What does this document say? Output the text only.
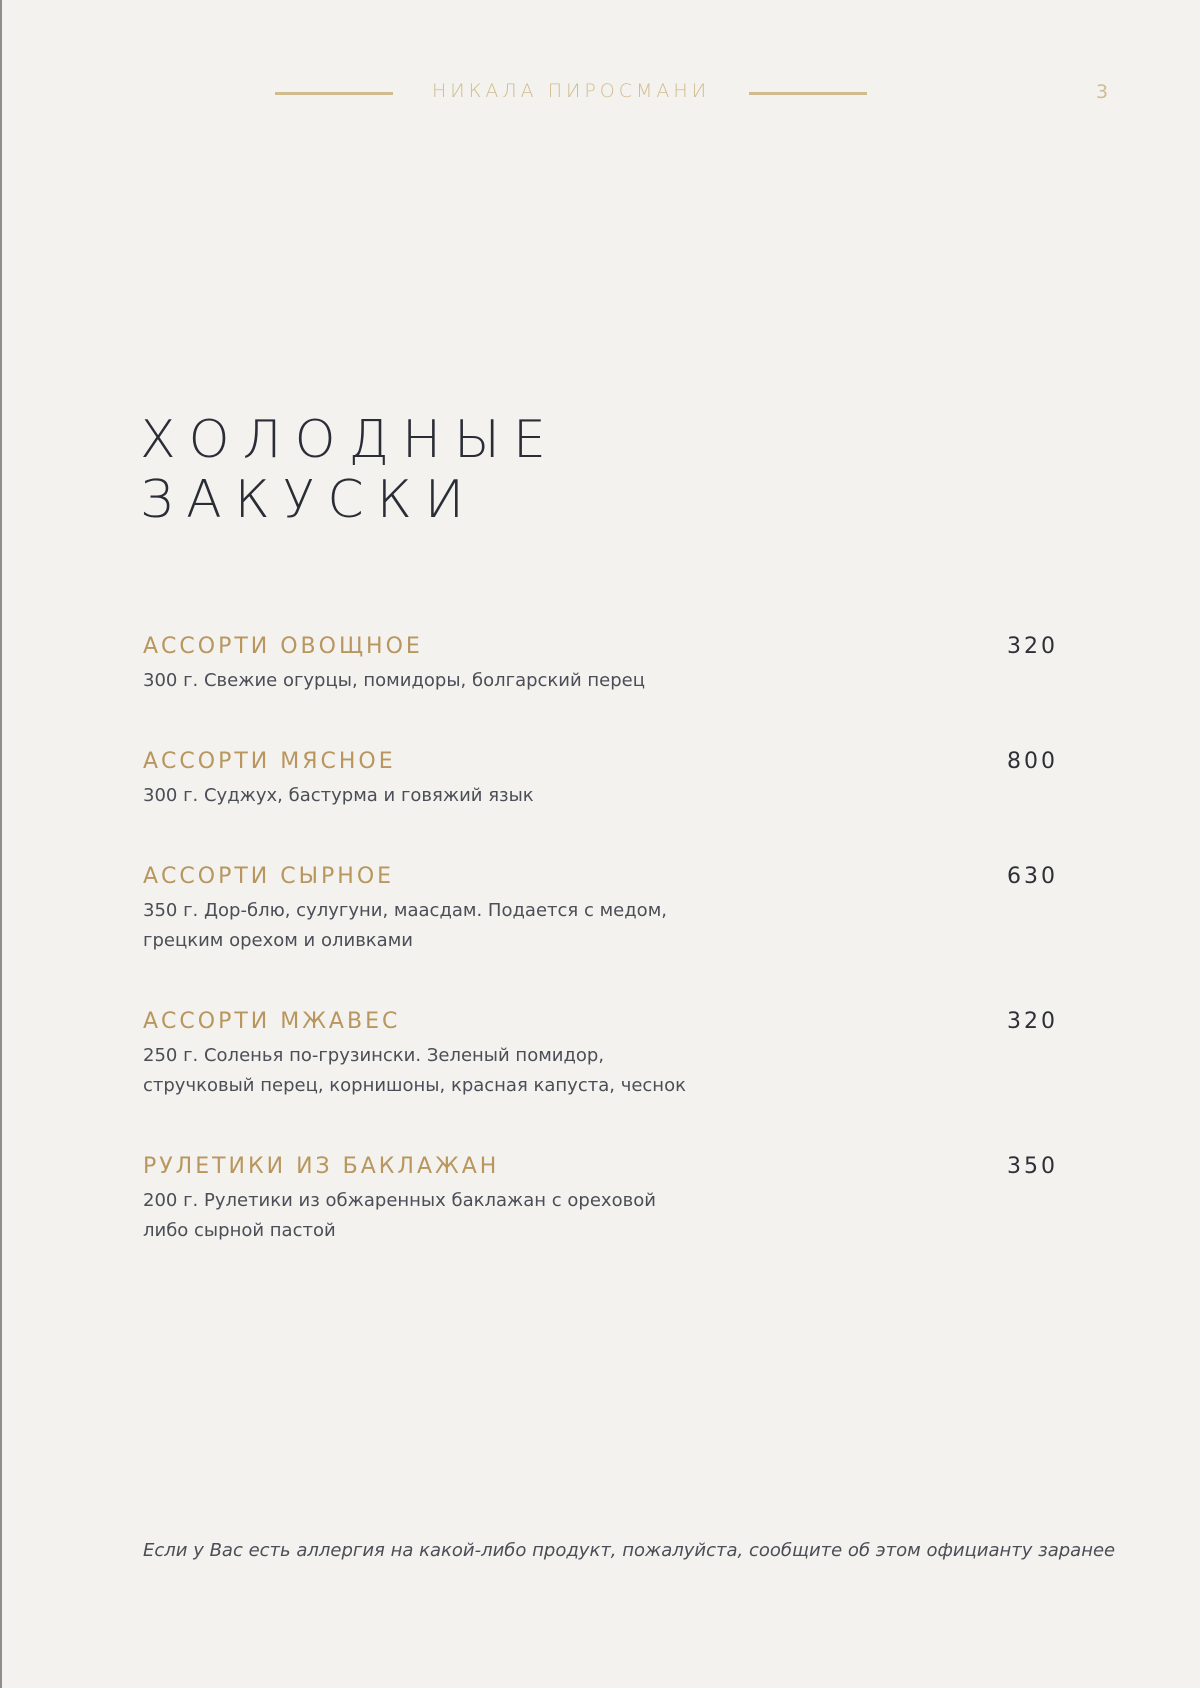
НИКАЛА ПИРОСМАНИ	3
ХОЛОДНЫЕ
ЗАКУСКИ
АССОРТИ ОВОЩНОЕ	320
300 г. Свежие огурцы, помидоры, болгарский перец
АССОРТИ МЯСНОЕ	800
300 г. Суджух, бастурма и говяжий язык
АССОРТИ СЫРНОЕ	630
350 г. Дор-блю, сулугуни, маасдам. Подается с медом, грецким орехом и оливками
АССОРТИ МЖАВЕС	320
250 г. Соленья по-грузински. Зеленый помидор, стручковый перец, корнишоны, красная капуста, чеснок
РУЛЕТИКИ ИЗ БАКЛАЖАН	350
200 г. Рулетики из обжаренных баклажан с ореховой либо сырной пастой
Если у Вас есть аллергия на какой-либо продукт, пожалуйста, сообщите об этом официанту заранее
